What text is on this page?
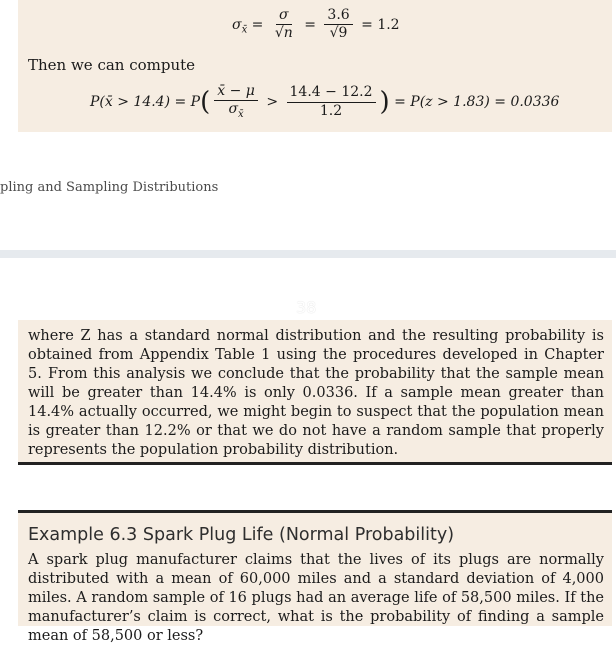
$\sigma_{x̄} = \frac{\sigma}{√n} = \frac{3.6}{√9} = 1.2$
Then we can compute
P(x̄ > $14.4) = P( \frac{x̄ - \mu}{\sigma_{x̄}} > \frac{14.4 - 12.2}{1.2}$ ) = P(z > 1.83) = 0.0336
pling and Sampling Distributions
38

where Z has a standard normal distribution and the resulting probability is obtained from Appendix Table 1 using the procedures developed in Chapter 5. From this analysis we conclude that the probability that the sample mean will be greater than 14.4% is only 0.0336. If a sample mean greater than 14.4% actually occurred, we might begin to suspect that the population mean is greater than 12.2% or that we do not have a random sample that properly represents the population probability distribution.

Example 6.3 Spark Plug Life (Normal Probability)

A spark plug manufacturer claims that the lives of its plugs are normally distributed with a mean of 60,000 miles and a standard deviation of 4,000 miles. A random sample of 16 plugs had an average life of 58,500 miles. If the manufacturer’s claim is correct, what is the probability of finding a sample mean of 58,500 or less?
